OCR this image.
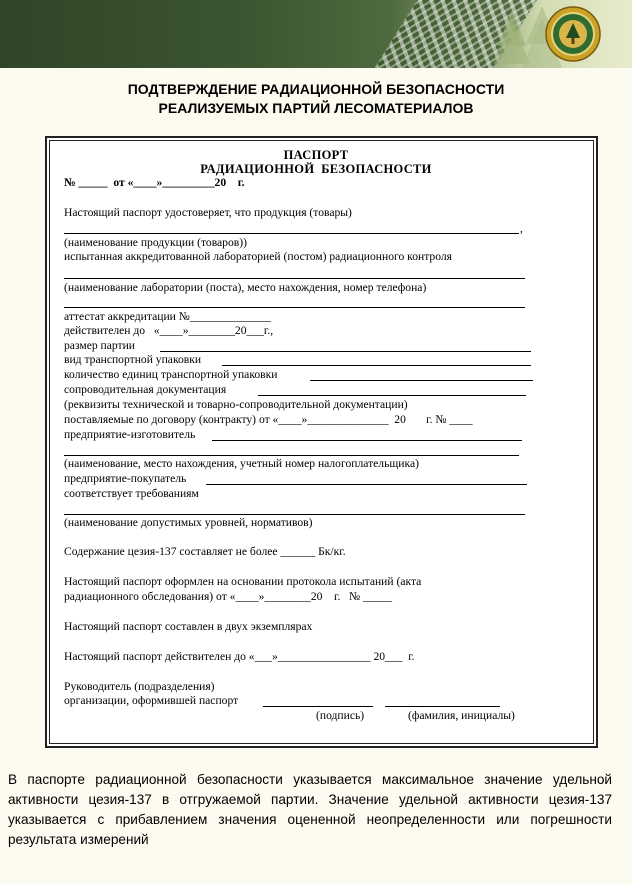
ПОДТВЕРЖДЕНИЕ РАДИАЦИОННОЙ БЕЗОПАСНОСТИ
РЕАЛИЗУЕМЫХ ПАРТИЙ ЛЕСОМАТЕРИАЛОВ
ПАСПОРТ
РАДИАЦИОННОЙ  БЕЗОПАСНОСТИ
№ _____  от «____»_________20    г.
Настоящий паспорт удостоверяет, что продукция (товары)
,
(наименование продукции (товаров))
испытанная аккредитованной лабораторией (постом) радиационного контроля
(наименование лаборатории (поста), место нахождения, номер телефона)
аттестат аккредитации №______________
действителен до   «____»________20___г.,
размер партии
вид транспортной упаковки
количество единиц транспортной упаковки
сопроводительная документация
(реквизиты технической и товарно-сопроводительной документации)
поставляемые по договору (контракту) от «____»______________  20       г. № ____
предприятие-изготовитель
(наименование, место нахождения, учетный номер налогоплательщика)
предприятие-покупатель
соответствует требованиям
(наименование допустимых уровней, нормативов)
Содержание цезия-137 составляет не более ______ Бк/кг.
Настоящий паспорт оформлен на основании протокола испытаний (акта
радиационного обследования) от «____»________20    г.   № _____
Настоящий паспорт составлен в двух экземплярах
Настоящий паспорт действителен до «___»________________ 20___  г.
Руководитель (подразделения)
организации, оформившей паспорт
(подпись)	(фамилия, инициалы)
В паспорте радиационной безопасности указывается максимальное значение удельной активности цезия-137 в отгружаемой партии. Значение удельной активности цезия-137 указывается с прибавлением значения оцененной неопределенности или погрешности результата измерений
